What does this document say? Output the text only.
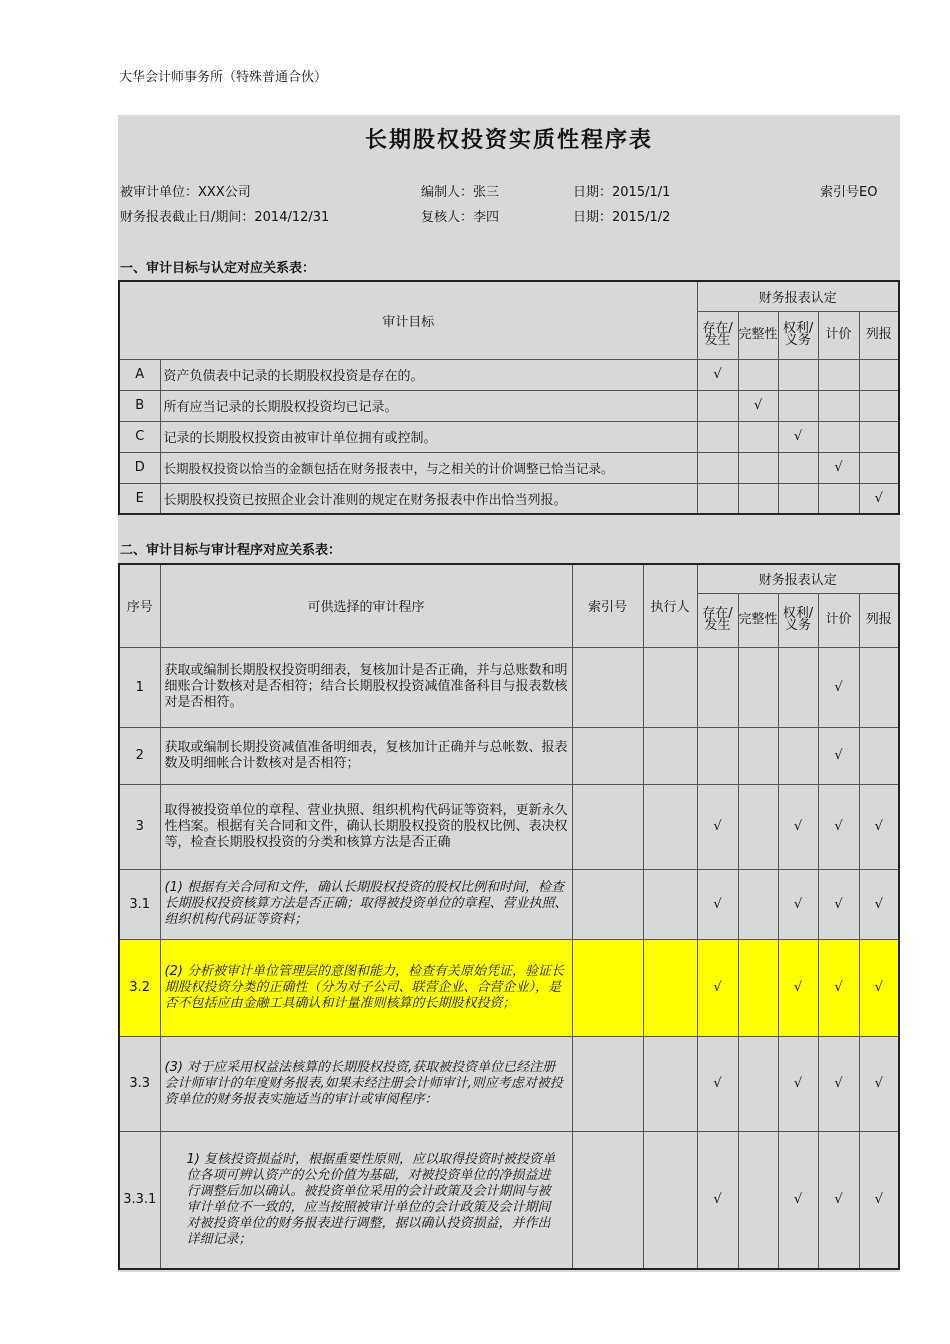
大华会计师事务所（特殊普通合伙）
长期股权投资实质性程序表
被审计单位：XXX公司	编制人：张三	日期：2015/1/1	索引号EO
财务报表截止日/期间：2014/12/31	复核人：李四	日期：2015/1/2
一、审计目标与认定对应关系表：
审计目标		财务报表认定				
		存在/发生	完整性	权利/义务	计价	列报
A	资产负债表中记录的长期股权投资是存在的。	√				
B	所有应当记录的长期股权投资均已记录。		√			
C	记录的长期股权投资由被审计单位拥有或控制。			√		
D	长期股权投资以恰当的金额包括在财务报表中，与之相关的计价调整已恰当记录。				√	
E	长期股权投资已按照企业会计准则的规定在财务报表中作出恰当列报。					√
二、审计目标与审计程序对应关系表：
序号	可供选择的审计程序	索引号	执行人	财务报表认定				
				存在/发生	完整性	权利/义务	计价	列报
1	获取或编制长期股权投资明细表，复核加计是否正确，并与总账数和明细账合计数核对是否相符；结合长期股权投资减值准备科目与报表数核对是否相符。						√	
2	获取或编制长期投资减值准备明细表，复核加计正确并与总帐数、报表数及明细帐合计数核对是否相符；						√	
3	取得被投资单位的章程、营业执照、组织机构代码证等资料，更新永久性档案。根据有关合同和文件，确认长期股权投资的股权比例、表决权等，检查长期股权投资的分类和核算方法是否正确			√		√	√	√
3.1	(1) 根据有关合同和文件，确认长期股权投资的股权比例和时间，检查长期股权投资核算方法是否正确；取得被投资单位的章程、营业执照、组织机构代码证等资料；			√		√	√	√
3.2	(2) 分析被审计单位管理层的意图和能力，检查有关原始凭证，验证长期股权投资分类的正确性（分为对子公司、联营企业、合营企业），是否不包括应由金融工具确认和计量准则核算的长期股权投资；			√		√	√	√
3.3	(3) 对于应采用权益法核算的长期股权投资,获取被投资单位已经注册会计师审计的年度财务报表,如果未经注册会计师审计,则应考虑对被投资单位的财务报表实施适当的审计或审阅程序：			√		√	√	√
3.3.1	1) 复核投资损益时，根据重要性原则，应以取得投资时被投资单位各项可辨认资产的公允价值为基础，对被投资单位的净损益进行调整后加以确认。被投资单位采用的会计政策及会计期间与被审计单位不一致的，应当按照被审计单位的会计政策及会计期间对被投资单位的财务报表进行调整，据以确认投资损益，并作出详细记录；			√		√	√	√
